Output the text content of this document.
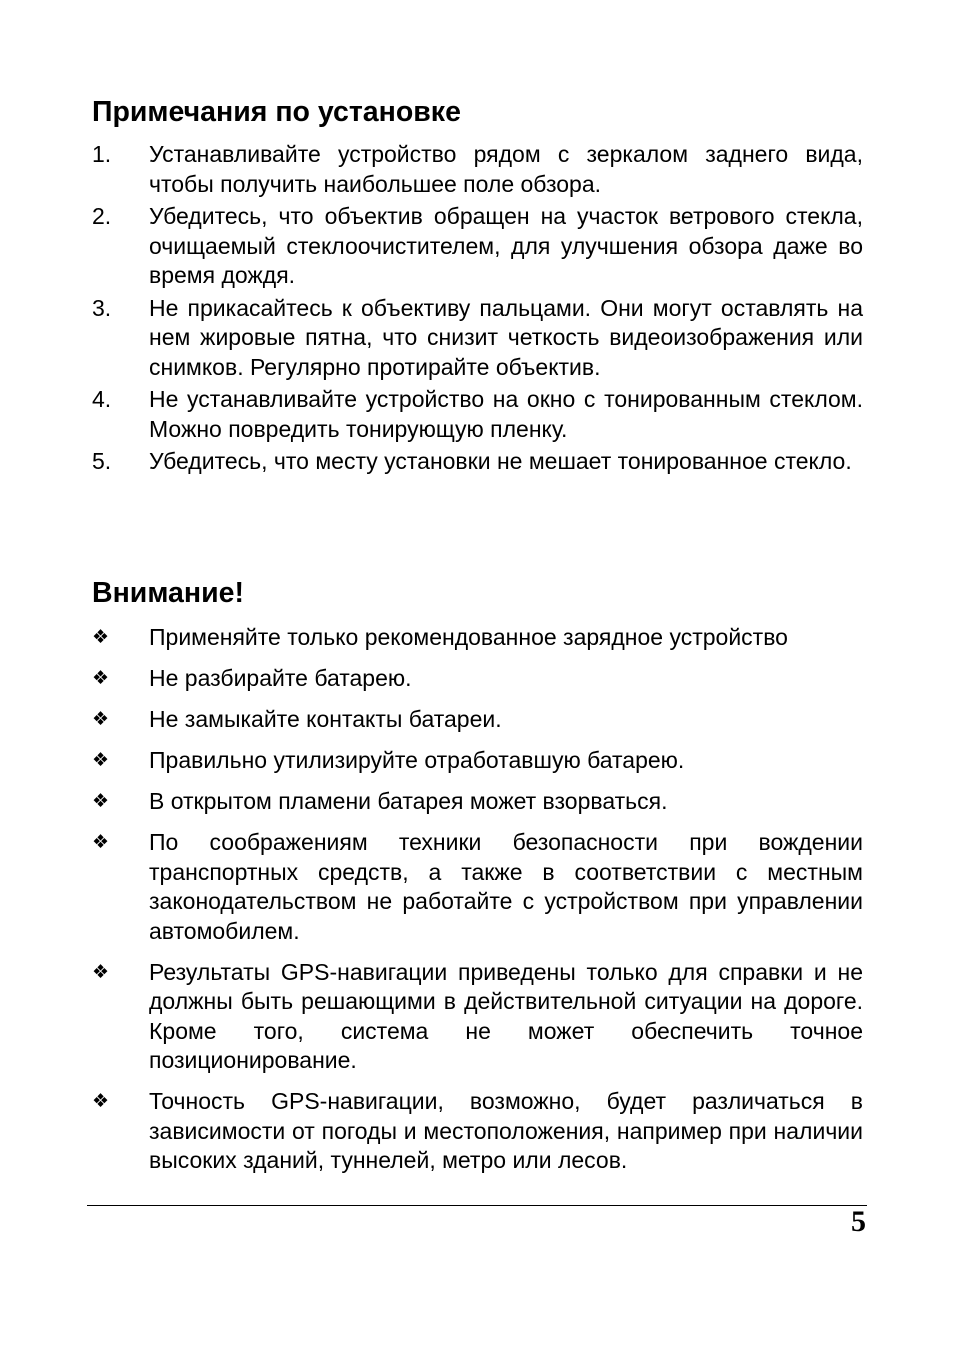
Примечания по установке
1.	Устанавливайте устройство рядом с зеркалом заднего вида, чтобы получить наибольшее поле обзора.
2.	Убедитесь, что объектив обращен на участок ветрового стекла, очищаемый стеклоочистителем, для улучшения обзора даже во время дождя.
3.	Не прикасайтесь к объективу пальцами. Они могут оставлять на нем жировые пятна, что снизит четкость видеоизображения или снимков. Регулярно протирайте объектив.
4.	Не устанавливайте устройство на окно с тонированным стеклом. Можно повредить тонирующую пленку.
5.	Убедитесь, что месту установки не мешает тонированное стекло.
Внимание!
❖	Применяйте только рекомендованное зарядное устройство
❖	Не разбирайте батарею.
❖	Не замыкайте контакты батареи.
❖	Правильно утилизируйте отработавшую батарею.
❖	В открытом пламени батарея может взорваться.
❖	По соображениям техники безопасности при вождении транспортных средств, а также в соответствии с местным законодательством не работайте с устройством при управлении автомобилем.
❖	Результаты GPS-навигации приведены только для справки и не должны быть решающими в действительной ситуации на дороге. Кроме того, система не может обеспечить точное позиционирование.
❖	Точность GPS-навигации, возможно, будет различаться в зависимости от погоды и местоположения, например при наличии высоких зданий, туннелей, метро или лесов.
5
